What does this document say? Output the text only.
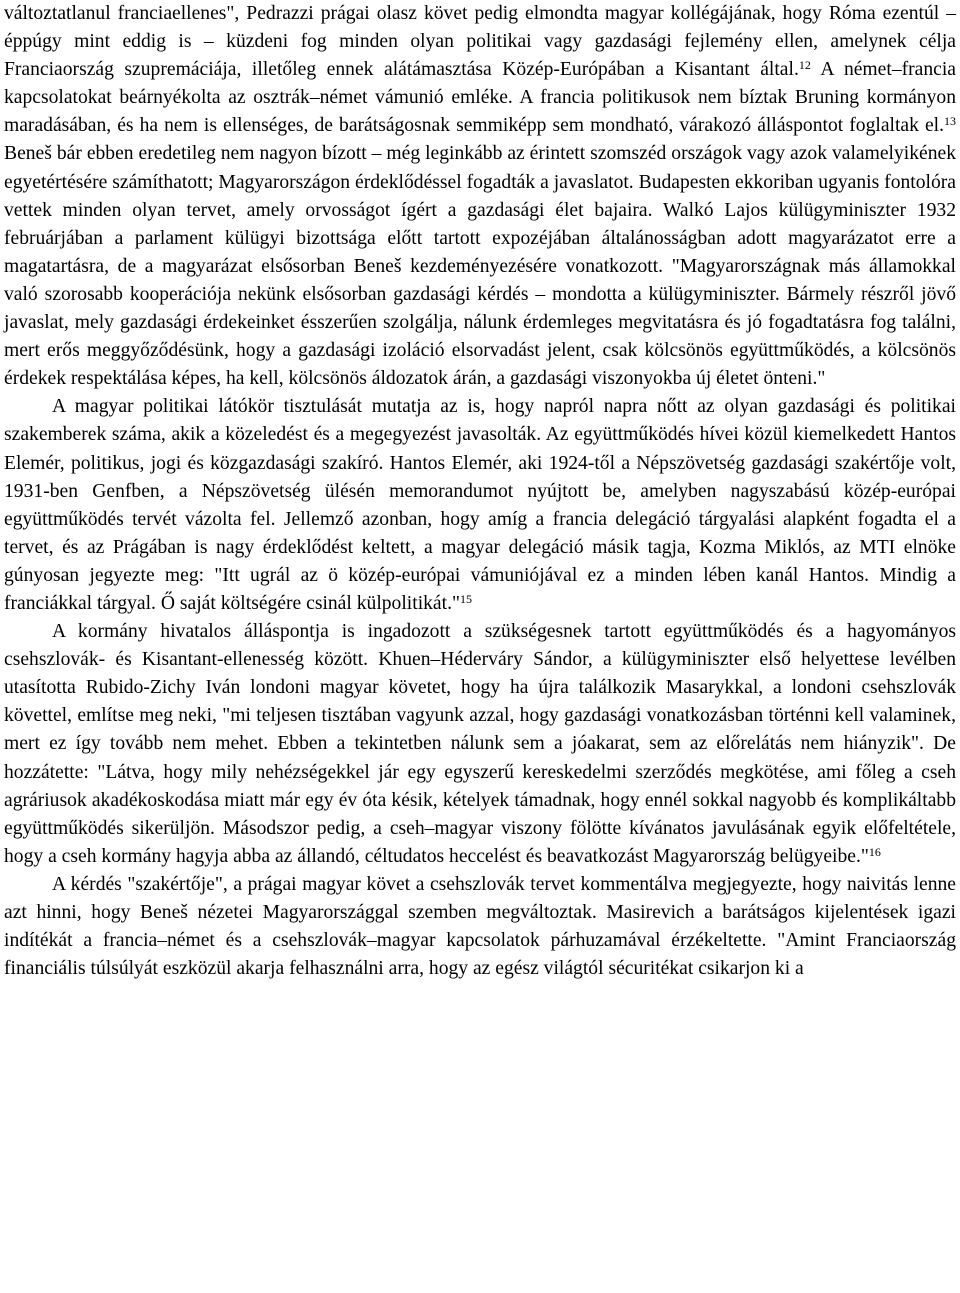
változtatlanul franciaellenes", Pedrazzi prágai olasz követ pedig elmondta magyar kollégájának, hogy Róma ezentúl – éppúgy mint eddig is – küzdeni fog minden olyan politikai vagy gazdasági fejlemény ellen, amelynek célja Franciaország szupremáciája, illetőleg ennek alátámasztása Közép-Európában a Kisantant által.$^{12}$ A német–francia kapcsolatokat beárnyékolta az osztrák–német vámunió emléke. A francia politikusok nem bíztak Bruning kormányon maradásában, és ha nem is ellenséges, de barátságosnak semmiképp sem mondható, várakozó álláspontot foglaltak el.$^{13}$ Beneš bár ebben eredetileg nem nagyon bízott – még leginkább az érintett szomszéd országok vagy azok valamelyikének egyetértésére számíthatott; Magyarországon érdeklődéssel fogadták a javaslatot. Budapesten ekkoriban ugyanis fontolóra vettek minden olyan tervet, amely orvosságot ígért a gazdasági élet bajaira. Walkó Lajos külügyminiszter 1932 februárjában a parlament külügyi bizottsága előtt tartott expozéjában általánosságban adott magyarázatot erre a magatartásra, de a magyarázat elsősorban Beneš kezdeményezésére vonatkozott. "Magyarországnak más államokkal való szorosabb kooperációja nekünk elsősorban gazdasági kérdés – mondotta a külügyminiszter. Bármely részről jövő javaslat, mely gazdasági érdekeinket ésszerűen szolgálja, nálunk érdemleges megvitatásra és jó fogadtatásra fog találni, mert erős meggyőződésünk, hogy a gazdasági izoláció elsorvadást jelent, csak kölcsönös együttműködés, a kölcsönös érdekek respektálása képes, ha kell, kölcsönös áldozatok árán, a gazdasági viszonyokba új életet önteni."

A magyar politikai látókör tisztulását mutatja az is, hogy napról napra nőtt az olyan gazdasági és politikai szakemberek száma, akik a közeledést és a megegyezést javasolták. Az együttműködés hívei közül kiemelkedett Hantos Elemér, politikus, jogi és közgazdasági szakíró. Hantos Elemér, aki 1924-től a Népszövetség gazdasági szakértője volt, 1931-ben Genfben, a Népszövetség ülésén memorandumot nyújtott be, amelyben nagyszabású közép-európai együttműködés tervét vázolta fel. Jellemző azonban, hogy amíg a francia delegáció tárgyalási alapként fogadta el a tervet, és az Prágában is nagy érdeklődést keltett, a magyar delegáció másik tagja, Kozma Miklós, az MTI elnöke gúnyosan jegyezte meg: "Itt ugrál az ö közép-európai vámuniójával ez a minden lében kanál Hantos. Mindig a franciákkal tárgyal. Ő saját költségére csinál külpolitikát."$^{15}$

A kormány hivatalos álláspontja is ingadozott a szükségesnek tartott együttműködés és a hagyományos csehszlovák- és Kisantant-ellenesség között. Khuen–Héderváry Sándor, a külügyminiszter első helyettese levélben utasította Rubido-Zichy Iván londoni magyar követet, hogy ha újra találkozik Masarykkal, a londoni csehszlovák követtel, említse meg neki, "mi teljesen tisztában vagyunk azzal, hogy gazdasági vonatkozásban történni kell valaminek, mert ez így tovább nem mehet. Ebben a tekintetben nálunk sem a jóakarat, sem az előrelátás nem hiányzik". De hozzátette: "Látva, hogy mily nehézségekkel jár egy egyszerű kereskedelmi szerződés megkötése, ami főleg a cseh agráriusok akadékoskodása miatt már egy év óta késik, kételyek támadnak, hogy ennél sokkal nagyobb és komplikáltabb együttműködés sikerüljön. Másodszor pedig, a cseh–magyar viszony fölötte kívánatos javulásának egyik előfeltétele, hogy a cseh kormány hagyja abba az állandó, céltudatos heccelést és beavatkozást Magyarország belügyeibe."$^{16}$

A kérdés "szakértője", a prágai magyar követ a csehszlovák tervet kommentálva megjegyezte, hogy naivitás lenne azt hinni, hogy Beneš nézetei Magyarországgal szemben megváltoztak. Masirevich a barátságos kijelentések igazi indítékát a francia–német és a csehszlovák–magyar kapcsolatok párhuzamával érzékeltette. "Amint Franciaország financiális túlsúlyát eszközül akarja felhasználni arra, hogy az egész világtól sécuritékat csikarjon ki a
